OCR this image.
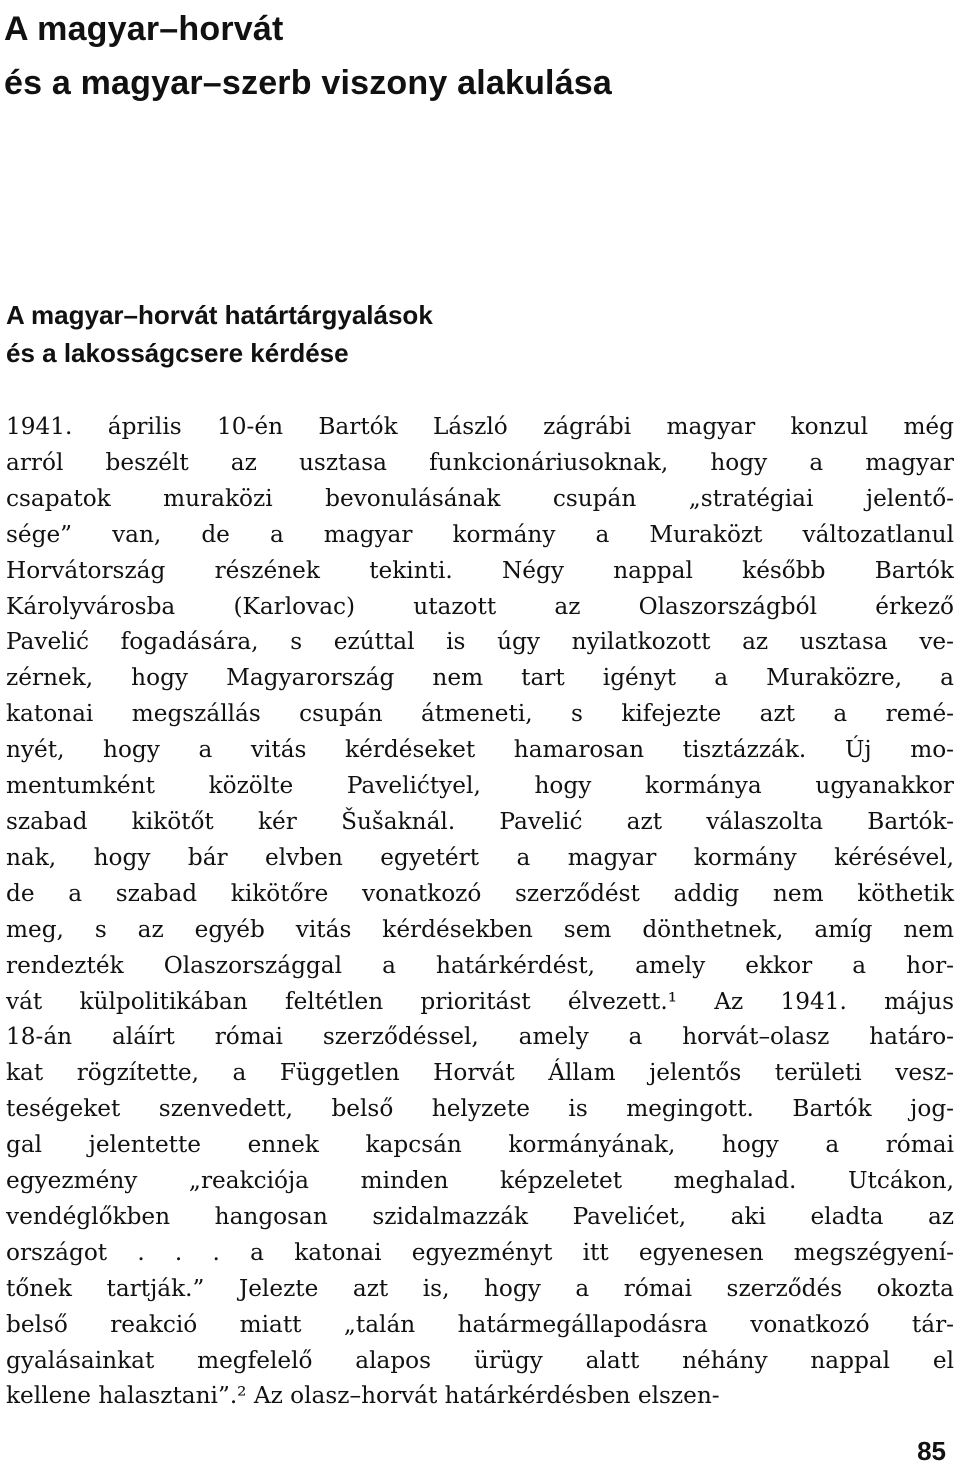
A magyar–horvát
és a magyar–szerb viszony alakulása
A magyar–horvát határtárgyalások
és a lakosságcsere kérdése
1941. április 10-én Bartók László zágrábi magyar konzul még
arról beszélt az usztasa funkcionáriusoknak, hogy a magyar
csapatok muraközi bevonulásának csupán „stratégiai jelentő-
sége” van, de a magyar kormány a Muraközt változatlanul
Horvátország részének tekinti. Négy nappal később Bartók
Károlyvárosba (Karlovac) utazott az Olaszországból érkező
Pavelić fogadására, s ezúttal is úgy nyilatkozott az usztasa ve-
zérnek, hogy Magyarország nem tart igényt a Muraközre, a
katonai megszállás csupán átmeneti, s kifejezte azt a remé-
nyét, hogy a vitás kérdéseket hamarosan tisztázzák. Új mo-
mentumként közölte Pavelićtyel, hogy kormánya ugyanakkor
szabad kikötőt kér Šušaknál. Pavelić azt válaszolta Bartók-
nak, hogy bár elvben egyetért a magyar kormány kérésével,
de a szabad kikötőre vonatkozó szerződést addig nem köthetik
meg, s az egyéb vitás kérdésekben sem dönthetnek, amíg nem
rendezték Olaszországgal a határkérdést, amely ekkor a hor-
vát külpolitikában feltétlen prioritást élvezett.¹ Az 1941. május
18-án aláírt római szerződéssel, amely a horvát–olasz határo-
kat rögzítette, a Független Horvát Állam jelentős területi vesz-
teségeket szenvedett, belső helyzete is megingott. Bartók jog-
gal jelentette ennek kapcsán kormányának, hogy a római
egyezmény „reakciója minden képzeletet meghalad. Utcákon,
vendéglőkben hangosan szidalmazzák Pavelićet, aki eladta az
országot . . . a katonai egyezményt itt egyenesen megszégyení-
tőnek tartják.” Jelezte azt is, hogy a római szerződés okozta
belső reakció miatt „talán határmegállapodásra vonatkozó tár-
gyalásainkat megfelelő alapos ürügy alatt néhány nappal el
kellene halasztani”.² Az olasz–horvát határkérdésben elszen-
85
